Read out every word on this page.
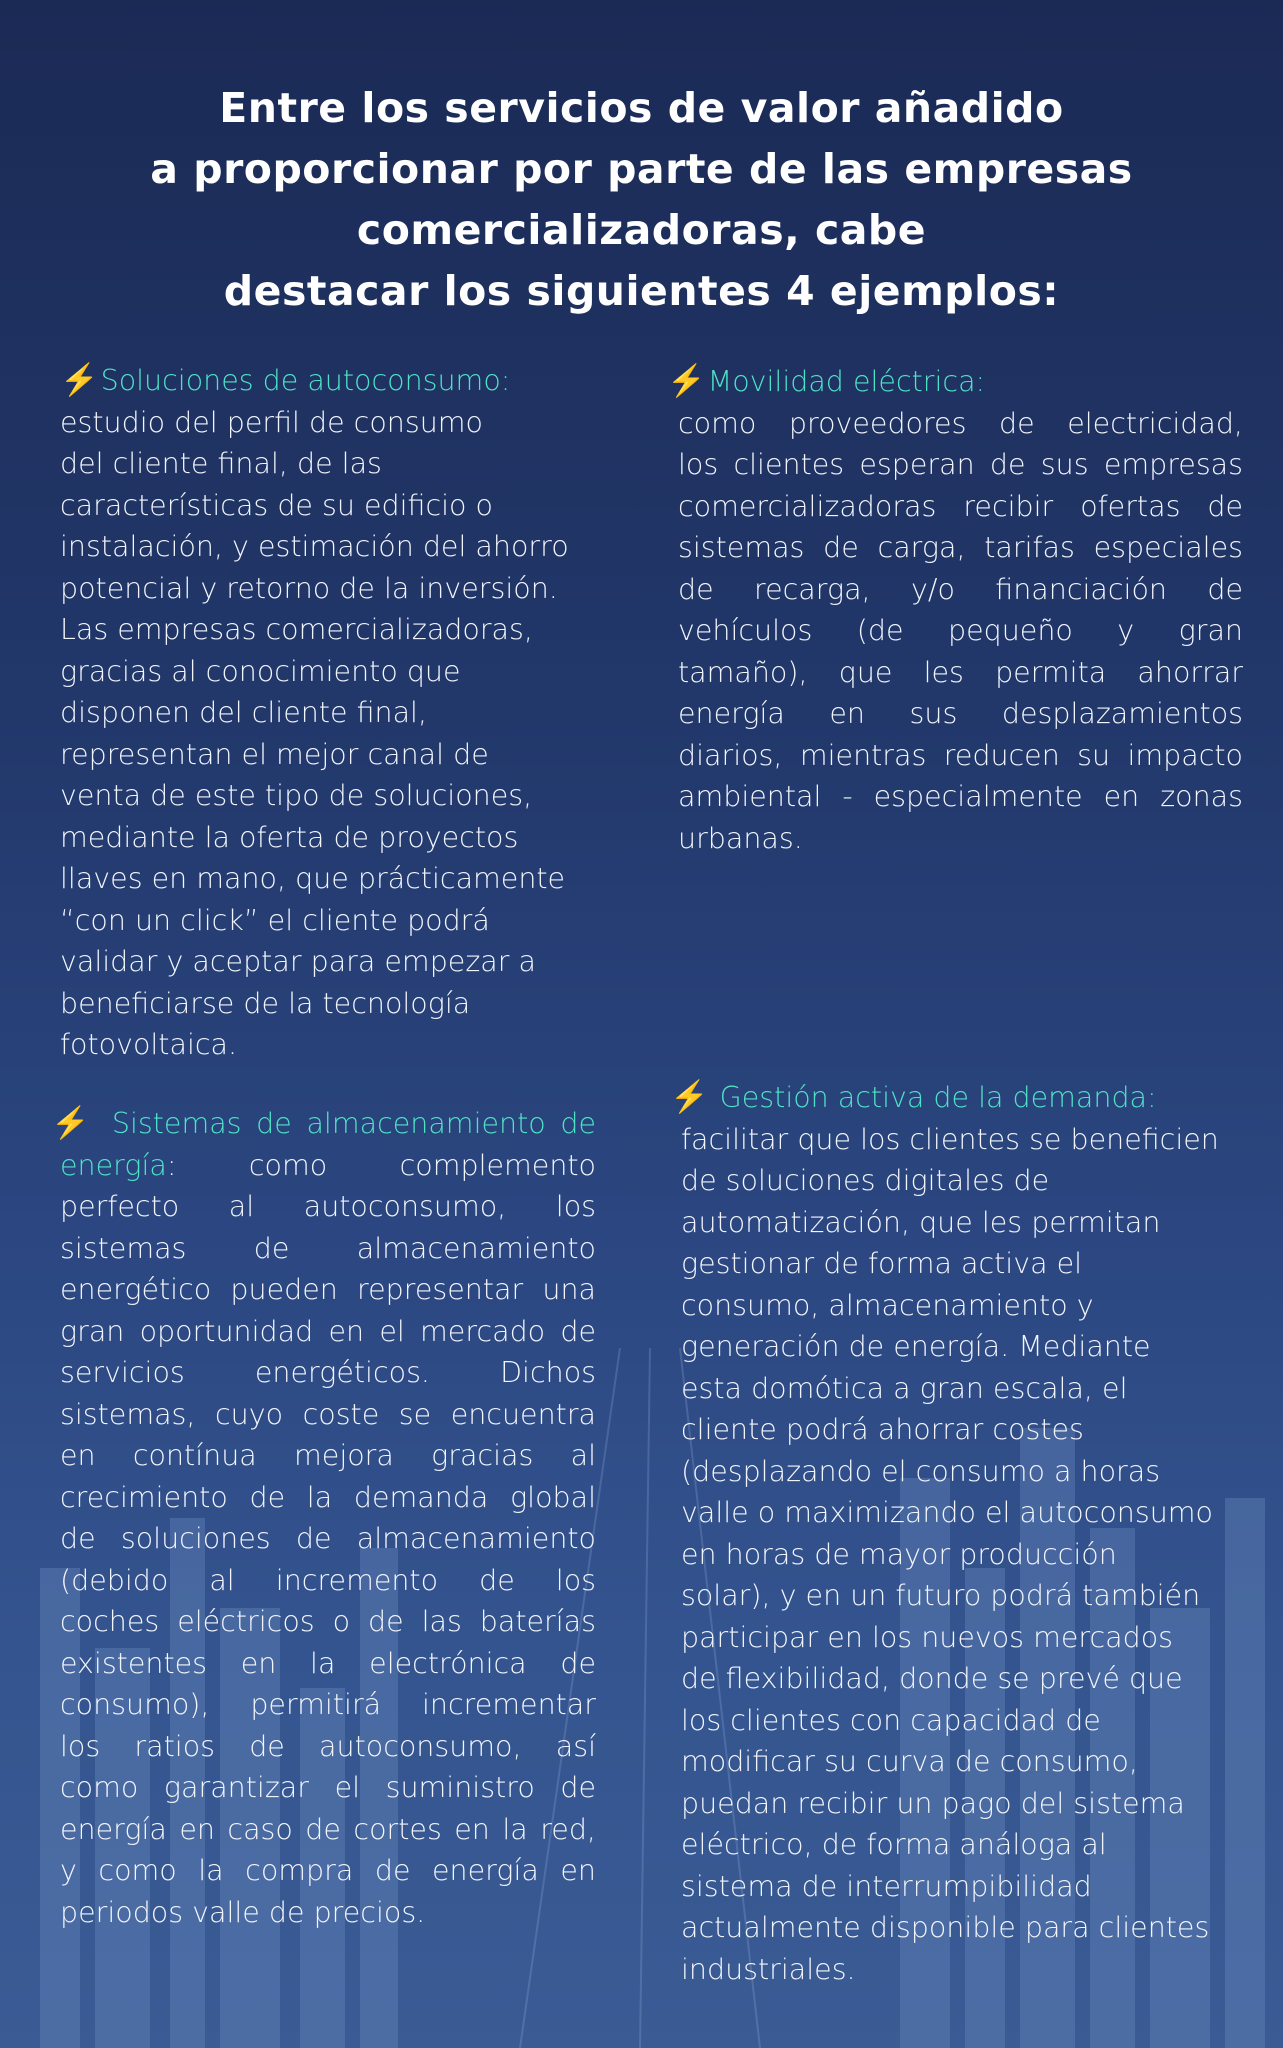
Entre los servicios de valor añadido
a proporcionar por parte de las empresas
comercializadoras, cabe
destacar los siguientes 4 ejemplos:
⚡Soluciones de autoconsumo:
estudio del perfil de consumo
del cliente final, de las
características de su edificio o
instalación, y estimación del ahorro
potencial y retorno de la inversión.
Las empresas comercializadoras,
gracias al conocimiento que
disponen del cliente final,
representan el mejor canal de
venta de este tipo de soluciones,
mediante la oferta de proyectos
llaves en mano, que prácticamente
“con un click” el cliente podrá
validar y aceptar para empezar a
beneficiarse de la tecnología
fotovoltaica.
⚡Movilidad eléctrica:
como proveedores de electricidad,
los clientes esperan de sus empresas
comercializadoras recibir ofertas de
sistemas de carga, tarifas especiales
de recarga, y/o financiación de
vehículos (de pequeño y gran
tamaño), que les permita ahorrar
energía en sus desplazamientos
diarios, mientras reducen su impacto
ambiental - especialmente en zonas
urbanas.
⚡ Sistemas de almacenamiento de
energía: como complemento
perfecto al autoconsumo, los
sistemas de almacenamiento
energético pueden representar una
gran oportunidad en el mercado de
servicios energéticos. Dichos
sistemas, cuyo coste se encuentra
en contínua mejora gracias al
crecimiento de la demanda global
de soluciones de almacenamiento
(debido al incremento de los
coches eléctricos o de las baterías
existentes en la electrónica de
consumo), permitirá incrementar
los ratios de autoconsumo, así
como garantizar el suministro de
energía en caso de cortes en la red,
y como la compra de energía en
periodos valle de precios.
⚡ Gestión activa de la demanda:
facilitar que los clientes se beneficien
de soluciones digitales de
automatización, que les permitan
gestionar de forma activa el
consumo, almacenamiento y
generación de energía. Mediante
esta domótica a gran escala, el
cliente podrá ahorrar costes
(desplazando el consumo a horas
valle o maximizando el autoconsumo
en horas de mayor producción
solar), y en un futuro podrá también
participar en los nuevos mercados
de flexibilidad, donde se prevé que
los clientes con capacidad de
modificar su curva de consumo,
puedan recibir un pago del sistema
eléctrico, de forma análoga al
sistema de interrumpibilidad
actualmente disponible para clientes
industriales.
